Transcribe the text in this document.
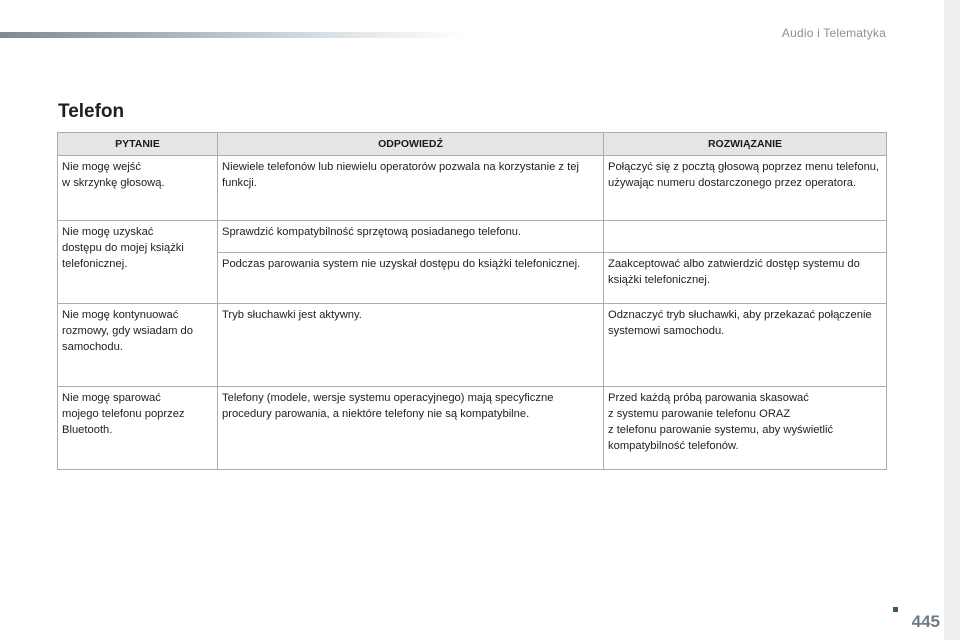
Audio i Telematyka
Telefon
PYTANIE	ODPOWIEDŹ	ROZWIĄZANIE
Nie mogę wejść
w skrzynkę głosową.	Niewiele telefonów lub niewielu operatorów pozwala na korzystanie z tej funkcji.	Połączyć się z pocztą głosową poprzez menu telefonu, używając numeru dostarczonego przez operatora.
Nie mogę uzyskać
dostępu do mojej książki
telefonicznej.	Sprawdzić kompatybilność sprzętową posiadanego telefonu.	
	Podczas parowania system nie uzyskał dostępu do książki telefonicznej.	Zaakceptować albo zatwierdzić dostęp systemu do książki telefonicznej.
Nie mogę kontynuować
rozmowy, gdy wsiadam do
samochodu.	Tryb słuchawki jest aktywny.	Odznaczyć tryb słuchawki, aby przekazać połączenie systemowi samochodu.
Nie mogę sparować
mojego telefonu poprzez
Bluetooth.	Telefony (modele, wersje systemu operacyjnego) mają specyficzne procedury parowania, a niektóre telefony nie są kompatybilne.	Przed każdą próbą parowania skasować
z systemu parowanie telefonu ORAZ
z telefonu parowanie systemu, aby wyświetlić kompatybilność telefonów.
445
